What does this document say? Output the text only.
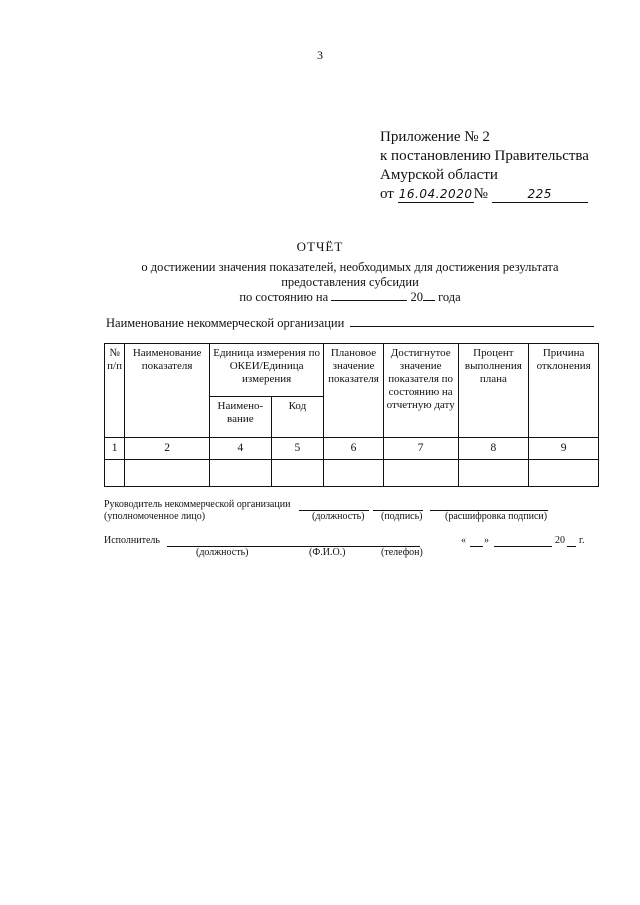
3
Приложение № 2
к постановлению Правительства
Амурской области
от 16.04.2020№	225
ОТЧЁТ
о достижении значения показателей, необходимых для достижения результата
предоставления субсидии
по состоянию на	20 года
Наименование некоммерческой организации
№ п/п	Наименование показателя	Единица измерения по ОКЕИ/Единица измерения		Плановое значение показателя	Достигнутое значение показателя по состоянию на отчетную дату	Процент выполнения плана	Причина отклонения
		Наимено-вание	Код				
1	2	4	5	6	7	8	9

Руководитель некоммерческой организации
(уполномоченное лицо)	(должность) (подпись) (расшифровка подписи)
Исполнитель
(должность)	(Ф.И.О.)	(телефон)
« »	20 г.
